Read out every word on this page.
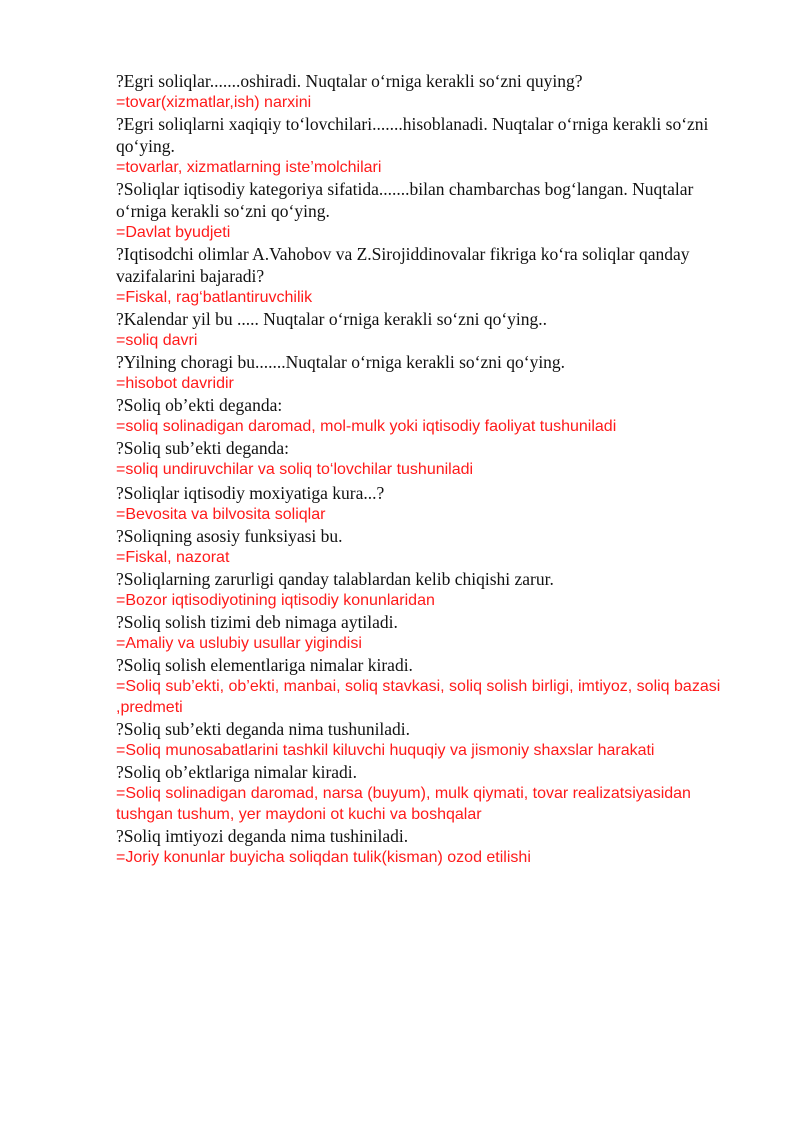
?Egri soliqlar.......oshiradi. Nuqtalar o‘rniga kerakli so‘zni quying?

=tovar(xizmatlar,ish) narxini

?Egri soliqlarni xaqiqiy to‘lovchilari.......hisoblanadi. Nuqtalar o‘rniga kerakli so‘zni qo‘ying.

=tovarlar, xizmatlarning iste’molchilari

?Soliqlar iqtisodiy kategoriya sifatida.......bilan chambarchas bog‘langan. Nuqtalar o‘rniga kerakli so‘zni qo‘ying.

=Davlat byudjeti

?Iqtisodchi olimlar A.Vahobov va Z.Sirojiddinovalar fikriga ko‘ra soliqlar qanday vazifalarini bajaradi?

=Fiskal, rag‘batlantiruvchilik

?Kalendar yil bu ..... Nuqtalar o‘rniga kerakli so‘zni qo‘ying..

=soliq davri

?Yilning choragi bu.......Nuqtalar o‘rniga kerakli so‘zni qo‘ying.

=hisobot davridir

?Soliq ob’ekti deganda:

=soliq solinadigan daromad, mol-mulk yoki iqtisodiy faoliyat tushuniladi

?Soliq sub’ekti deganda:

=soliq undiruvchilar va soliq to‘lovchilar tushuniladi

?Soliqlar iqtisodiy moxiyatiga kura...?

=Bevosita va bilvosita soliqlar

?Soliqning asosiy funksiyasi bu.

=Fiskal, nazorat

?Soliqlarning zarurligi qanday talablardan kelib chiqishi zarur.

=Bozor iqtisodiyotining iqtisodiy konunlaridan

?Soliq solish tizimi deb nimaga aytiladi.

=Amaliy va uslubiy usullar yigindisi

?Soliq solish elementlariga nimalar kiradi.

=Soliq sub’ekti, ob’ekti, manbai, soliq stavkasi, soliq solish birligi, imtiyoz, soliq bazasi ,predmeti

?Soliq sub’ekti deganda nima tushuniladi.

=Soliq munosabatlarini tashkil kiluvchi huquqiy va jismoniy shaxslar harakati

?Soliq ob’ektlariga nimalar kiradi.

=Soliq solinadigan daromad, narsa (buyum), mulk qiymati, tovar realizatsiyasidan tushgan tushum, yer maydoni ot kuchi va boshqalar

?Soliq imtiyozi deganda nima tushiniladi.

=Joriy konunlar buyicha soliqdan tulik(kisman) ozod etilishi
